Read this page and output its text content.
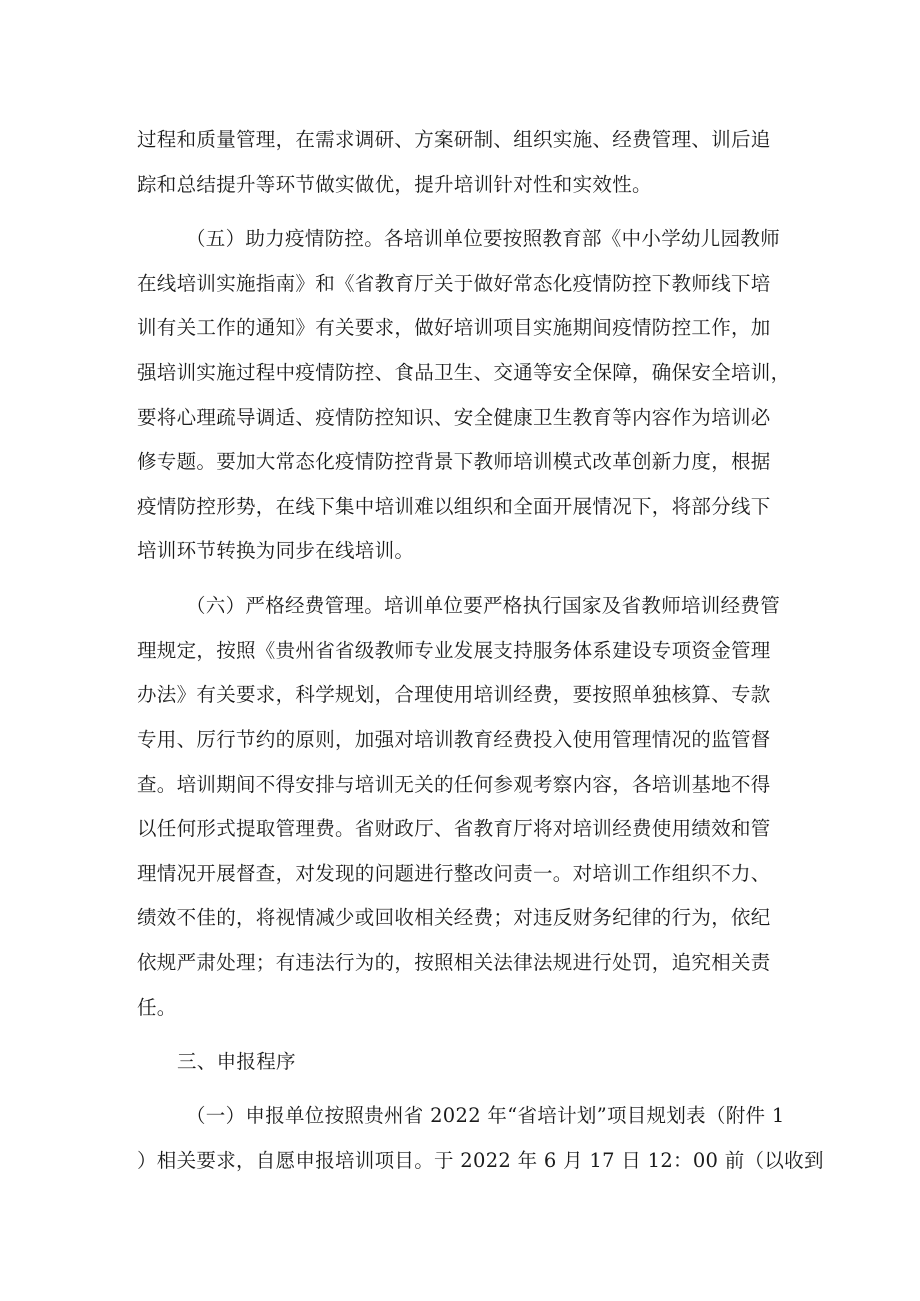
过程和质量管理，在需求调研、方案研制、组织实施、经费管理、训后追
踪和总结提升等环节做实做优，提升培训针对性和实效性。
（五）助力疫情防控。各培训单位要按照教育部《中小学幼儿园教师
在线培训实施指南》和《省教育厅关于做好常态化疫情防控下教师线下培
训有关工作的通知》有关要求，做好培训项目实施期间疫情防控工作，加
强培训实施过程中疫情防控、食品卫生、交通等安全保障，确保安全培训，
要将心理疏导调适、疫情防控知识、安全健康卫生教育等内容作为培训必
修专题。要加大常态化疫情防控背景下教师培训模式改革创新力度，根据
疫情防控形势，在线下集中培训难以组织和全面开展情况下，将部分线下
培训环节转换为同步在线培训。
（六）严格经费管理。培训单位要严格执行国家及省教师培训经费管
理规定，按照《贵州省省级教师专业发展支持服务体系建设专项资金管理
办法》有关要求，科学规划，合理使用培训经费，要按照单独核算、专款
专用、厉行节约的原则，加强对培训教育经费投入使用管理情况的监管督
查。培训期间不得安排与培训无关的任何参观考察内容，各培训基地不得
以任何形式提取管理费。省财政厅、省教育厅将对培训经费使用绩效和管
理情况开展督查，对发现的问题进行整改问责一。对培训工作组织不力、
绩效不佳的，将视情减少或回收相关经费；对违反财务纪律的行为，依纪
依规严肃处理；有违法行为的，按照相关法律法规进行处罚，追究相关责
任。
三、申报程序
（一）申报单位按照贵州省 2022 年“省培计划”项目规划表（附件 1
）相关要求，自愿申报培训项目。于 2022 年 6 月 17 日 12：00 前（以收到
